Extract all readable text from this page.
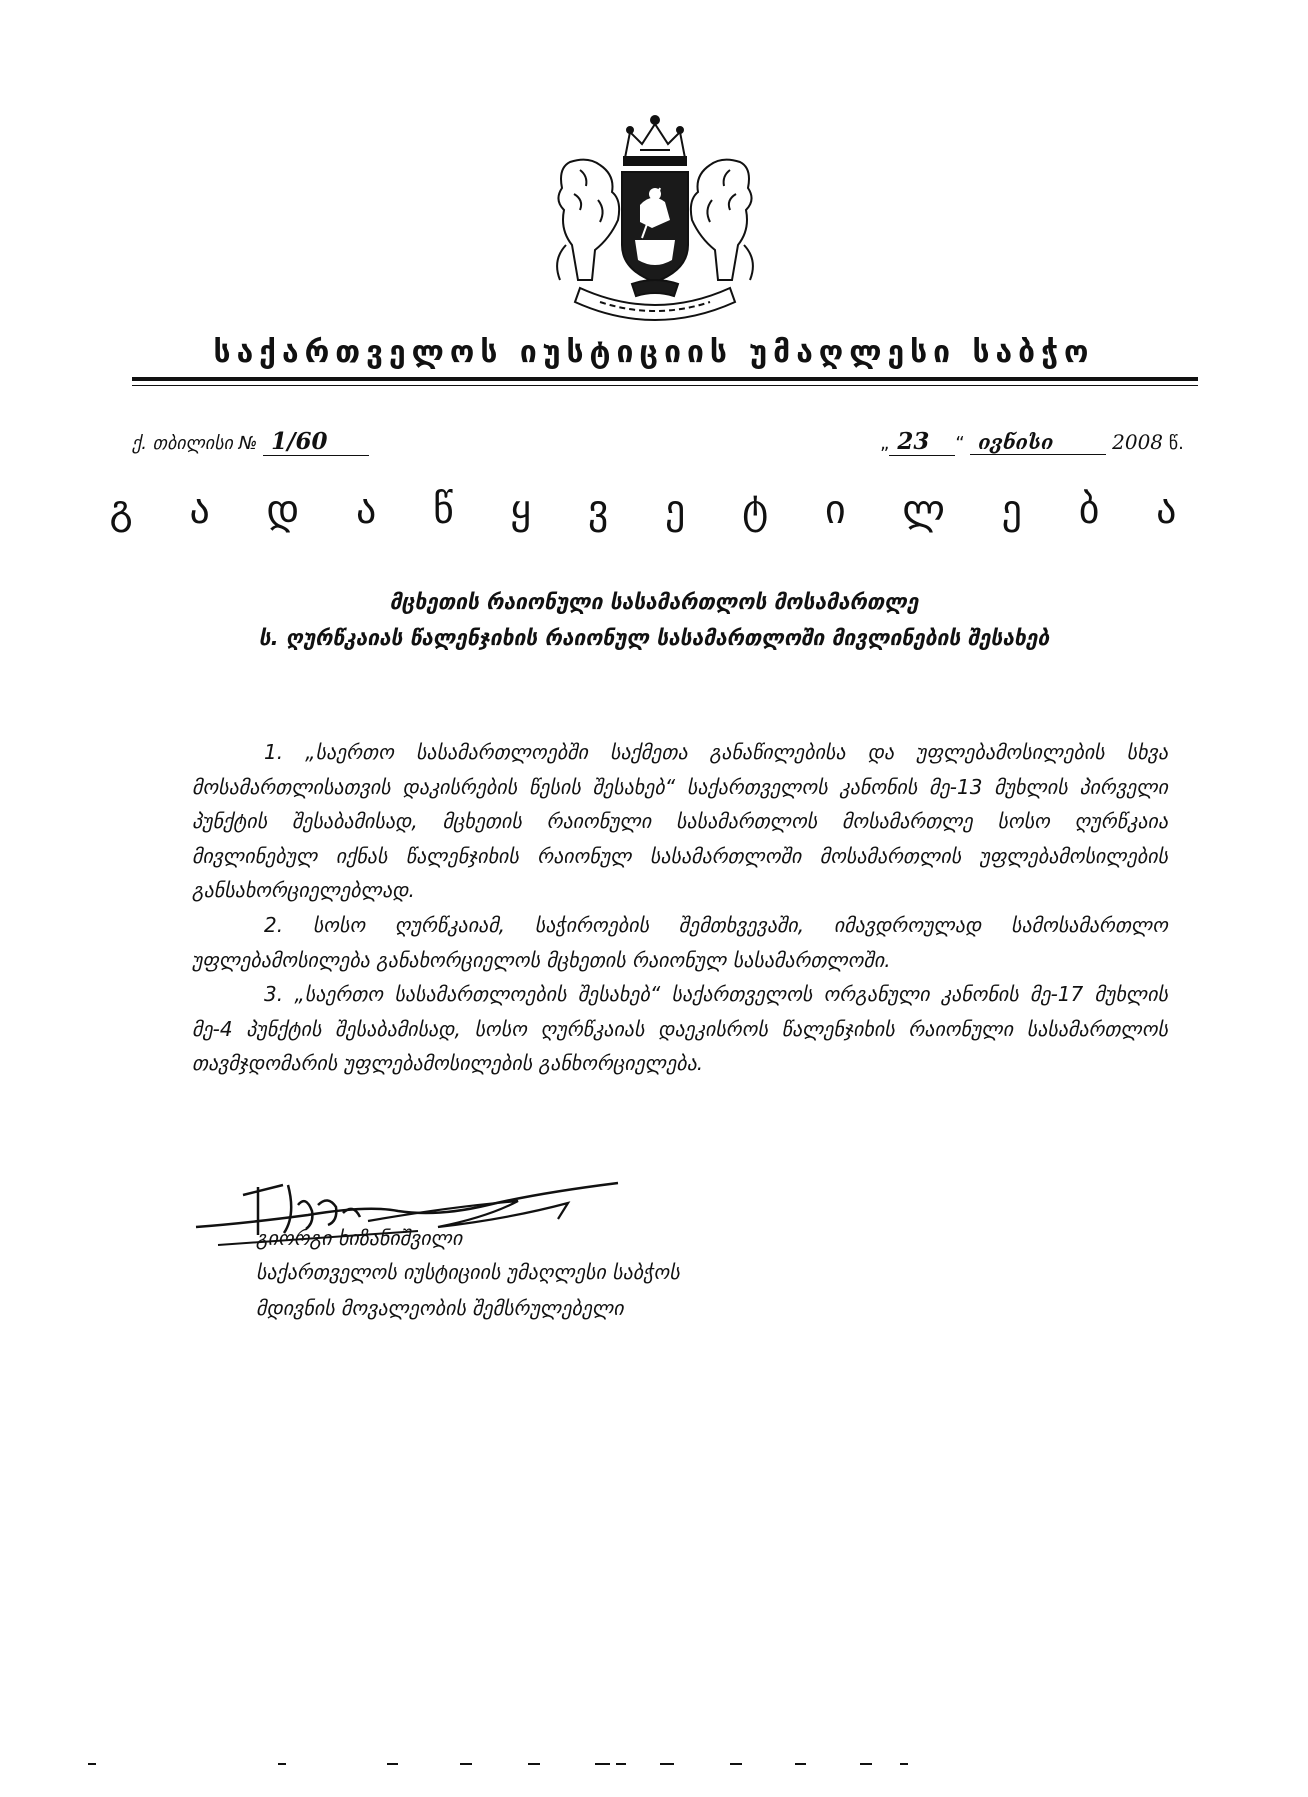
საქართველოს იუსტიციის უმაღლესი საბჭო
ქ. თბილისი № 1/60	„ 23 “ ივნისი	2008 წ.
გ ა დ ა წ ყ ვ ე ტ ი ლ ე ბ ა
მცხეთის რაიონული სასამართლოს მოსამართლე
ს. ღურწკაიას წალენჯიხის რაიონულ სასამართლოში მივლინების შესახებ

1. „საერთო სასამართლოებში საქმეთა განაწილებისა და უფლებამოსილების სხვა მოსამართლისათვის დაკისრების წესის შესახებ“ საქართველოს კანონის მე-13 მუხლის პირველი პუნქტის შესაბამისად, მცხეთის რაიონული სასამართლოს მოსამართლე სოსო ღურწკაია მივლინებულ იქნას წალენჯიხის რაიონულ სასამართლოში მოსამართლის უფლებამოსილების განსახორციელებლად.

2. სოსო ღურწკაიამ, საჭიროების შემთხვევაში, იმავდროულად სამოსამართლო უფლებამოსილება განახორციელოს მცხეთის რაიონულ სასამართლოში.

3. „საერთო სასამართლოების შესახებ“ საქართველოს ორგანული კანონის მე-17 მუხლის მე-4 პუნქტის შესაბამისად, სოსო ღურწკაიას დაეკისროს წალენჯიხის რაიონული სასამართლოს თავმჯდომარის უფლებამოსილების განხორციელება.

გიორგი ხიზანიშვილი
საქართველოს იუსტიციის უმაღლესი საბჭოს
მდივნის მოვალეობის შემსრულებელი
